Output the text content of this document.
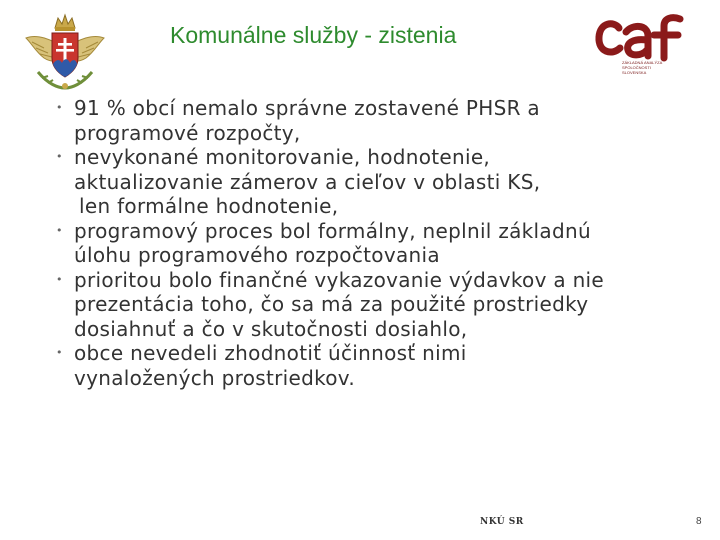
Komunálne služby - zistenia
ZÁKLADNÁ ANALÝZA SPOLOČNOSTI
SLOVENSKA
• 91 % obcí nemalo správne zostavené PHSR a
programové rozpočty,
• nevykonané monitorovanie, hodnotenie,
aktualizovanie zámerov a cieľov v oblasti KS,
len formálne hodnotenie,
• programový proces bol formálny, neplnil základnú
úlohu programového rozpočtovania
• prioritou bolo finančné vykazovanie výdavkov a nie
prezentácia toho, čo sa má za použité prostriedky
dosiahnuť a čo v skutočnosti dosiahlo,
• obce nevedeli zhodnotiť účinnosť nimi
vynaložených prostriedkov.
NKÚ SR	8
